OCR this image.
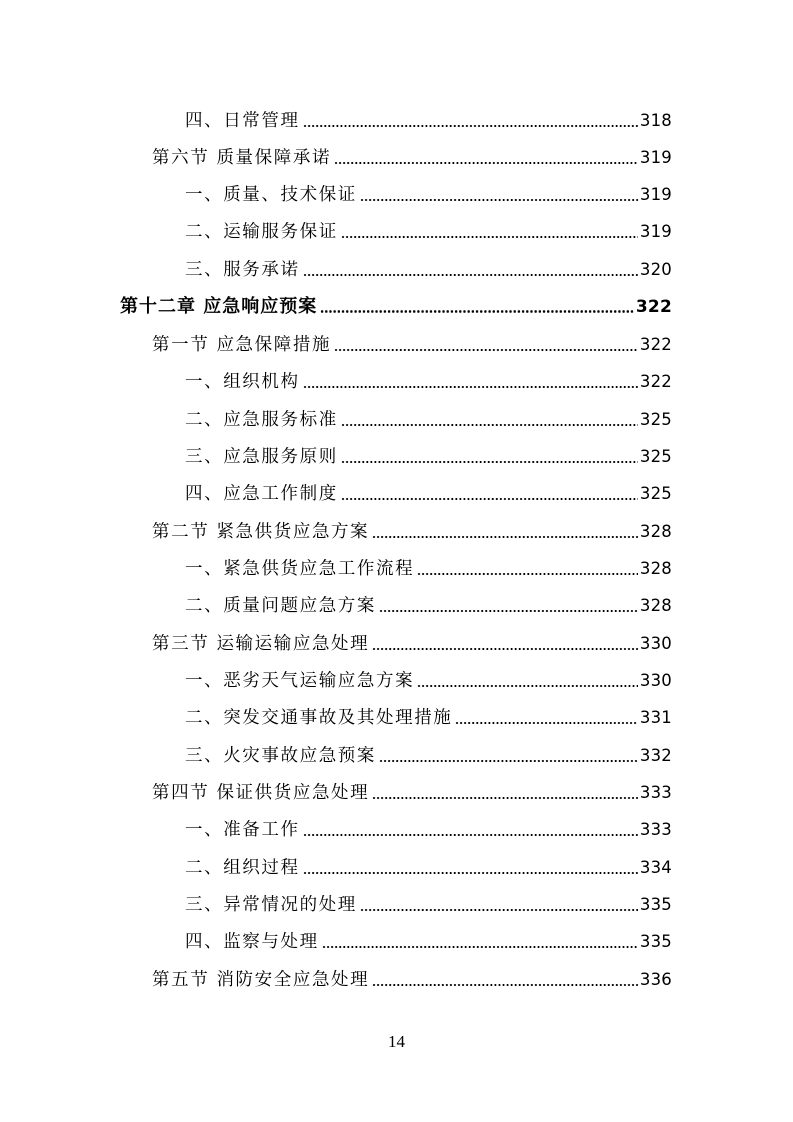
四、日常管理	318
第六节 质量保障承诺	319
一、质量、技术保证	319
二、运输服务保证	319
三、服务承诺	320
第十二章 应急响应预案	322
第一节 应急保障措施	322
一、组织机构	322
二、应急服务标准	325
三、应急服务原则	325
四、应急工作制度	325
第二节 紧急供货应急方案	328
一、紧急供货应急工作流程	328
二、质量问题应急方案	328
第三节 运输运输应急处理	330
一、恶劣天气运输应急方案	330
二、突发交通事故及其处理措施	331
三、火灾事故应急预案	332
第四节 保证供货应急处理	333
一、准备工作	333
二、组织过程	334
三、异常情况的处理	335
四、监察与处理	335
第五节 消防安全应急处理	336
14
